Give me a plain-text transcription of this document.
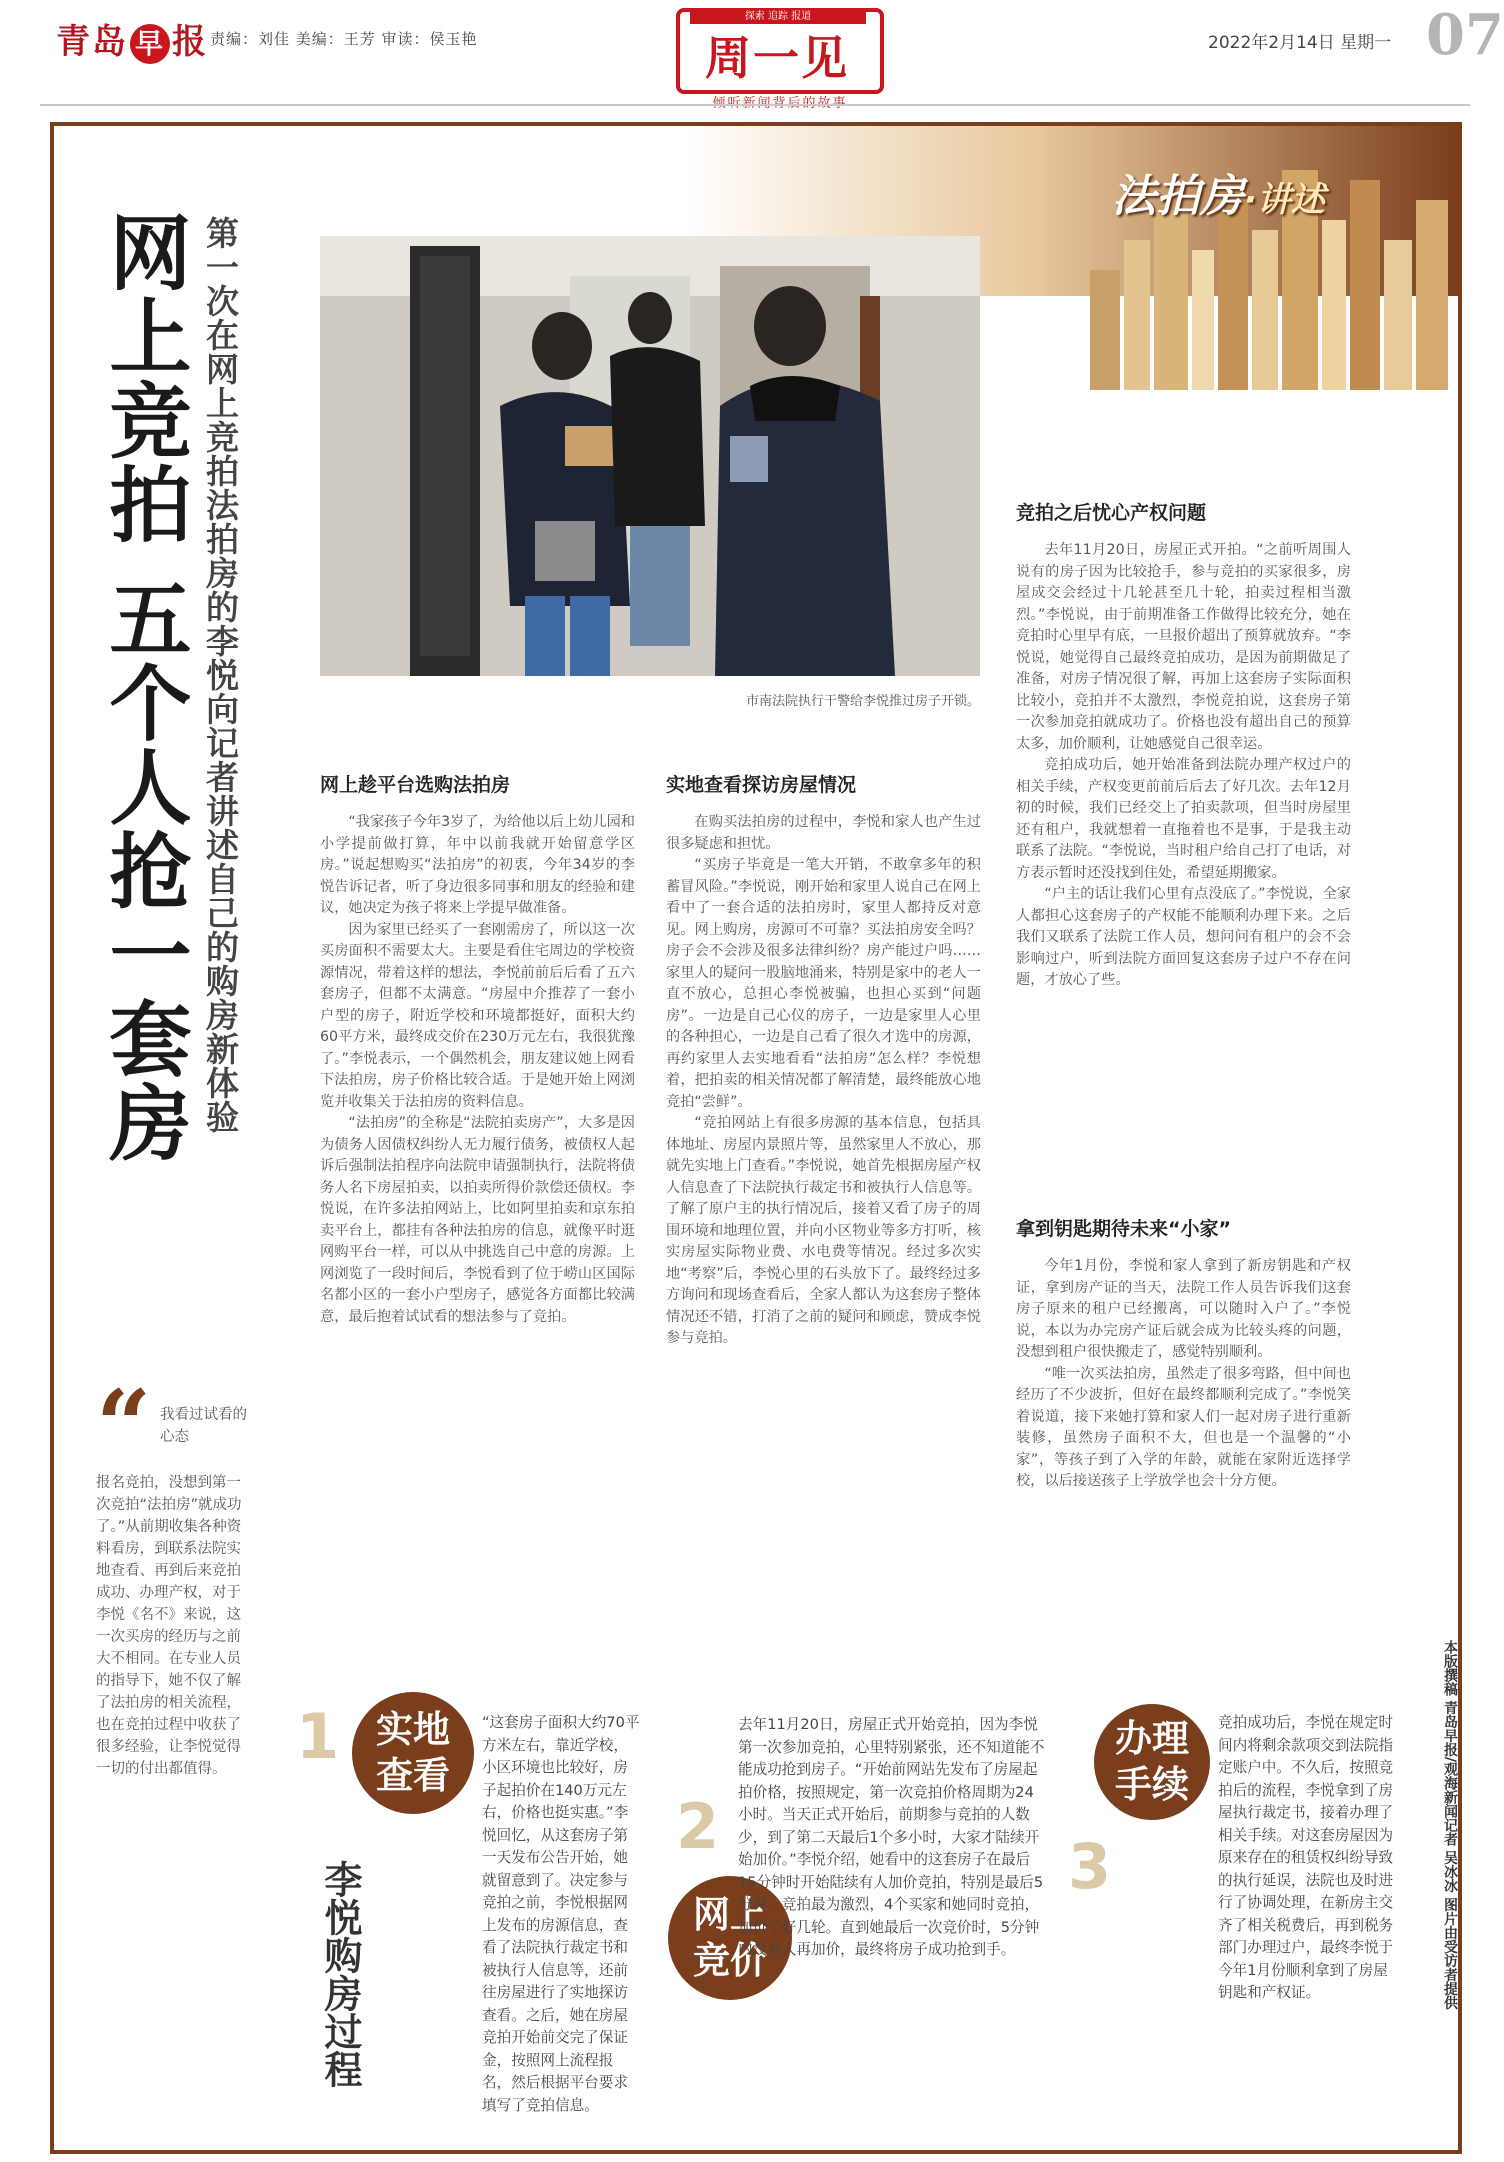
青岛 早 报 责编：刘佳 美编：王芳 审读：侯玉艳
探索 追踪 报道
周一见	2022年2月14日 星期一 07
法拍房·讲述
网上竞拍 五个人抢一套房 第一次在网上竞拍法拍房的李悦向记者讲述自己的购房新体验	市南法院执行干警给李悦推过房子开锁。
竞拍之后忧心产权问题

去年11月20日，房屋正式开拍。“之前听周围人说有的房子因为比较抢手，参与竞拍的买家很多，房屋成交会经过十几轮甚至几十轮，拍卖过程相当激烈。”李悦说，由于前期准备工作做得比较充分，她在竞拍时心里早有底，一旦报价超出了预算就放弃。“李悦说，她觉得自己最终竞拍成功，是因为前期做足了准备，对房子情况很了解，再加上这套房子实际面积比较小，竞拍并不太激烈，李悦竞拍说，这套房子第一次参加竞拍就成功了。价格也没有超出自己的预算太多，加价顺利，让她感觉自己很幸运。

竞拍成功后，她开始准备到法院办理产权过户的相关手续，产权变更前前后后去了好几次。去年12月初的时候，我们已经交上了拍卖款项，但当时房屋里还有租户，我就想着一直拖着也不是事，于是我主动联系了法院。“李悦说，当时租户给自己打了电话，对方表示暂时还没找到住处，希望延期搬家。

“户主的话让我们心里有点没底了。”李悦说，全家人都担心这套房子的产权能不能顺利办理下来。之后我们又联系了法院工作人员，想问问有租户的会不会影响过户，听到法院方面回复这套房子过户不存在问题，才放心了些。

网上趁平台选购法拍房

“我家孩子今年3岁了，为给他以后上幼儿园和小学提前做打算，年中以前我就开始留意学区房。”说起想购买“法拍房”的初衷，今年34岁的李悦告诉记者，听了身边很多同事和朋友的经验和建议，她决定为孩子将来上学提早做准备。

因为家里已经买了一套刚需房了，所以这一次买房面积不需要太大。主要是看住宅周边的学校资源情况，带着这样的想法，李悦前前后后看了五六套房子，但都不太满意。“房屋中介推荐了一套小户型的房子，附近学校和环境都挺好，面积大约60平方米，最终成交价在230万元左右，我很犹豫了。”李悦表示，一个偶然机会，朋友建议她上网看下法拍房，房子价格比较合适。于是她开始上网浏览并收集关于法拍房的资料信息。

“法拍房”的全称是“法院拍卖房产”，大多是因为债务人因债权纠纷人无力履行债务，被债权人起诉后强制法拍程序向法院申请强制执行，法院将债务人名下房屋拍卖，以拍卖所得价款偿还债权。李悦说，在许多法拍网站上，比如阿里拍卖和京东拍卖平台上，都挂有各种法拍房的信息，就像平时逛网购平台一样，可以从中挑选自己中意的房源。上网浏览了一段时间后，李悦看到了位于崂山区国际名都小区的一套小户型房子，感觉各方面都比较满意，最后抱着试试看的想法参与了竞拍。

实地查看探访房屋情况

在购买法拍房的过程中，李悦和家人也产生过很多疑虑和担忧。

“买房子毕竟是一笔大开销，不敢拿多年的积蓄冒风险。”李悦说，刚开始和家里人说自己在网上看中了一套合适的法拍房时，家里人都持反对意见。网上购房，房源可不可靠？买法拍房安全吗？房子会不会涉及很多法律纠纷？房产能过户吗……家里人的疑问一股脑地涌来，特别是家中的老人一直不放心，总担心李悦被骗，也担心买到“问题房”。一边是自己心仪的房子，一边是家里人心里的各种担心，一边是自己看了很久才选中的房源，再约家里人去实地看看“法拍房”怎么样？李悦想着，把拍卖的相关情况都了解清楚，最终能放心地竞拍“尝鲜”。

“竞拍网站上有很多房源的基本信息，包括具体地址、房屋内景照片等，虽然家里人不放心，那就先实地上门查看。”李悦说，她首先根据房屋产权人信息查了下法院执行裁定书和被执行人信息等。了解了原户主的执行情况后，接着又看了房子的周围环境和地理位置，并向小区物业等多方打听，核实房屋实际物业费、水电费等情况。经过多次实地“考察”后，李悦心里的石头放下了。最终经过多方询问和现场查看后，全家人都认为这套房子整体情况还不错，打消了之前的疑问和顾虑，赞成李悦参与竞拍。

拿到钥匙期待未来“小家”

今年1月份，李悦和家人拿到了新房钥匙和产权证，拿到房产证的当天，法院工作人员告诉我们这套房子原来的租户已经搬离，可以随时入户了。”李悦说，本以为办完房产证后就会成为比较头疼的问题，没想到租户很快搬走了，感觉特别顺利。

“唯一次买法拍房，虽然走了很多弯路，但中间也经历了不少波折，但好在最终都顺利完成了。”李悦笑着说道，接下来她打算和家人们一起对房子进行重新装修，虽然房子面积不大，但也是一个温馨的“小家”，等孩子到了入学的年龄，就能在家附近选择学校，以后接送孩子上学放学也会十分方便。

“ 我看过试看的心态
报名竞拍，没想到第一次竞拍“法拍房”就成功了。”从前期收集各种资料看房，到联系法院实地查看、再到后来竞拍成功、办理产权，对于李悦《名不》来说，这一次买房的经历与之前大不相同。在专业人员的指导下，她不仅了解了法拍房的相关流程，也在竞拍过程中收获了很多经验，让李悦觉得一切的付出都值得。
李悦购房过程
1 实地
查看
“这套房子面积大约70平方米左右，靠近学校，小区环境也比较好，房子起拍价在140万元左右，价格也挺实惠。”李悦回忆，从这套房子第一天发布公告开始，她就留意到了。决定参与竞拍之前，李悦根据网上发布的房源信息，查看了法院执行裁定书和被执行人信息等，还前往房屋进行了实地探访查看。之后，她在房屋竞拍开始前交完了保证金，按照网上流程报名，然后根据平台要求填写了竞拍信息。
2
网上
竞价
去年11月20日，房屋正式开始竞拍，因为李悦第一次参加竞拍，心里特别紧张，还不知道能不能成功抢到房子。“开始前网站先发布了房屋起拍价格，按照规定，第一次竞拍价格周期为24小时。当天正式开始后，前期参与竞拍的人数少，到了第二天最后1个多小时，大家才陆续开始加价。”李悦介绍，她看中的这套房子在最后15分钟时开始陆续有人加价竞拍，特别是最后5分钟，竞拍最为激烈，4个买家和她同时竞拍，加价了好几轮。直到她最后一次竞价时，5分钟内没有人再加价，最终将房子成功抢到手。
3
办理
手续
竞拍成功后，李悦在规定时间内将剩余款项交到法院指定账户中。不久后，按照竞拍后的流程，李悦拿到了房屋执行裁定书，接着办理了相关手续。对这套房屋因为原来存在的租赁权纠纷导致的执行延误，法院也及时进行了协调处理，在新房主交齐了相关税费后，再到税务部门办理过户，最终李悦于今年1月份顺利拿到了房屋钥匙和产权证。	本版撰稿 青岛早报/观海新闻记者 吴冰冰 图片由受访者提供
